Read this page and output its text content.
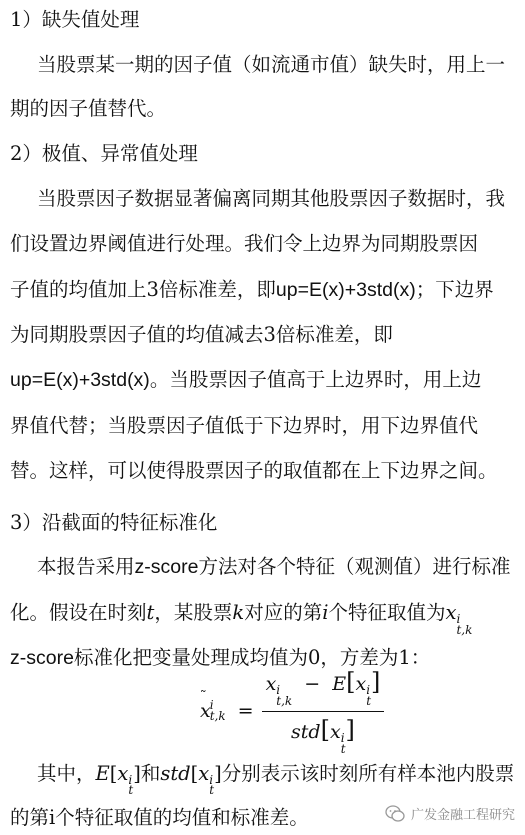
1）缺失值处理
当股票某一期的因子值（如流通市值）缺失时，用上一
期的因子值替代。
2）极值、异常值处理
当股票因子数据显著偏离同期其他股票因子数据时，我
们设置边界阈值进行处理。我们令上边界为同期股票因
子值的均值加上3倍标准差，即up=E(x)+3std(x)；下边界
为同期股票因子值的均值减去3倍标准差，即
up=E(x)+3std(x)。当股票因子值高于上边界时，用上边
界值代替；当股票因子值低于下边界时，用下边界值代
替。这样，可以使得股票因子的取值都在上下边界之间。
3）沿截面的特征标准化
本报告采用z-score方法对各个特征（观测值）进行标准
化。假设在时刻t，某股票k对应的第i个特征取值为x i
t,k
z-score标准化把变量处理成均值为0，方差为1：
x
˜ i
t,k = x i
t,k
− E[x i
t
]
std[x i
t
]
其中，E[x i
t
]和std[x i
t
]分别表示该时刻所有样本池内股票
的第i个特征取值的均值和标准差。	广发金融工程研究
